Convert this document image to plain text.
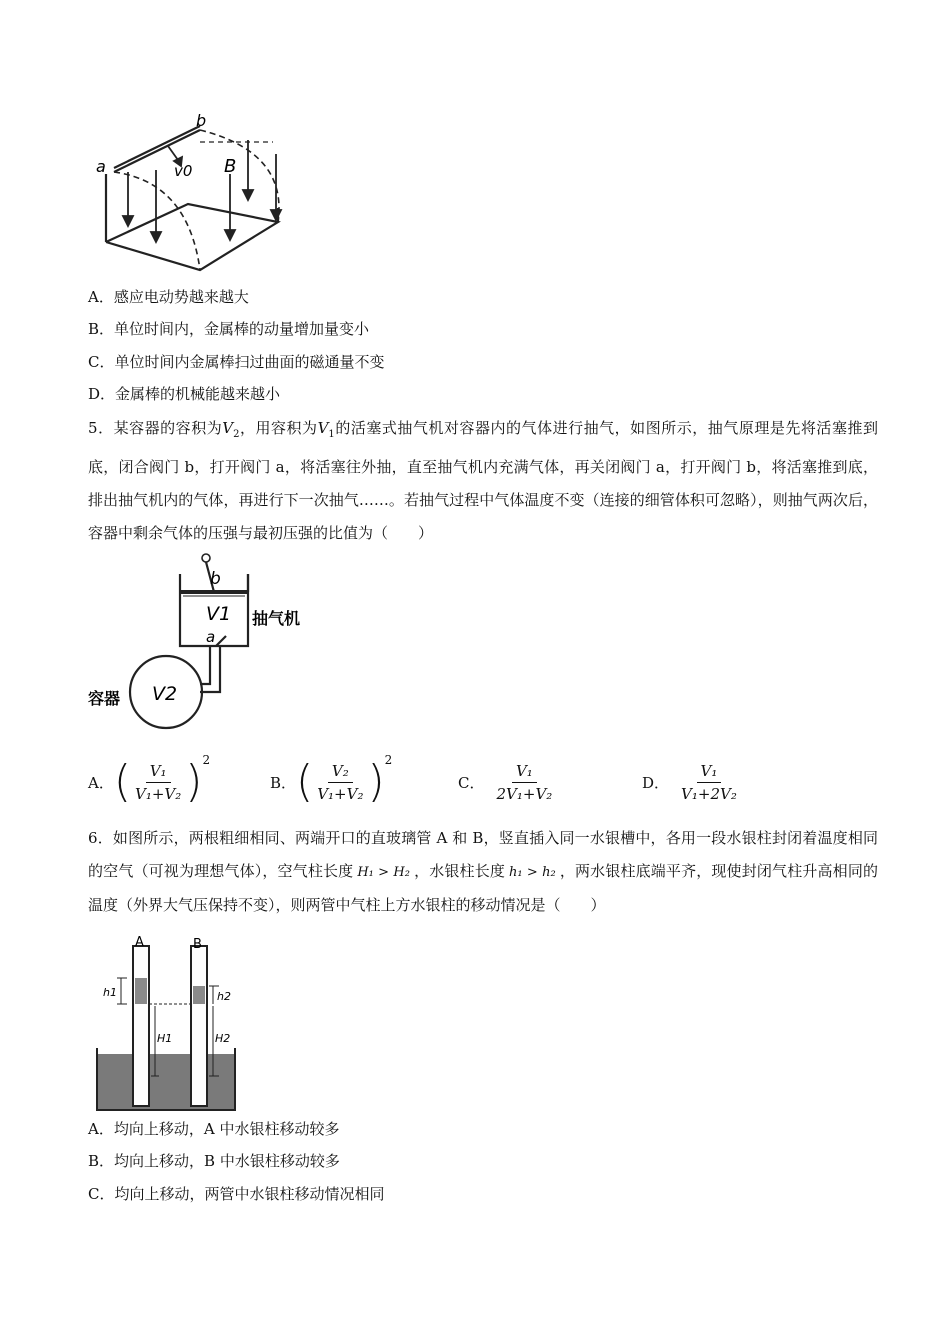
a
b
v0 B
A．感应电动势越来越大
B．单位时间内，金属棒的动量增加量变小
C．单位时间内金属棒扫过曲面的磁通量不变
D．金属棒的机械能越来越小
5．某容器的容积为$V_2$，用容积为$V_1$的活塞式抽气机对容器内的气体进行抽气，如图所示，抽气原理是先将活塞推到底，闭合阀门 b，打开阀门 a，将活塞往外抽，直至抽气机内充满气体，再关闭阀门 a，打开阀门 b，将活塞推到底，排出抽气机内的气体，再进行下一次抽气……。若抽气过程中气体温度不变（连接的细管体积可忽略），则抽气两次后，容器中剩余气体的压强与最初压强的比值为（　　）
b
V1 抽气机
a
容器 V2
A． ( $\frac{\text{V₁}}{\text{V₁+V₂}}$ ) 2
B． ( $\frac{\text{V₂}}{\text{V₁+V₂}}$ ) 2
C． $\frac{\text{V₁}}{\text{2V₁+V₂}}$	D． $\frac{\text{V₁}}{\text{V₁+2V₂}}$
6．如图所示，两根粗细相同、两端开口的直玻璃管 A 和 B，竖直插入同一水银槽中，各用一段水银柱封闭着温度相同的空气（可视为理想气体），空气柱长度 H₁ > H₂ ，水银柱长度 h₁ > h₂ ，两水银柱底端平齐，现使封闭气柱升高相同的温度（外界大气压保持不变），则两管中气柱上方水银柱的移动情况是（　　）
A	B
h1	h2
H1	H2
A．均向上移动，A 中水银柱移动较多
B．均向上移动，B 中水银柱移动较多
C．均向上移动，两管中水银柱移动情况相同
